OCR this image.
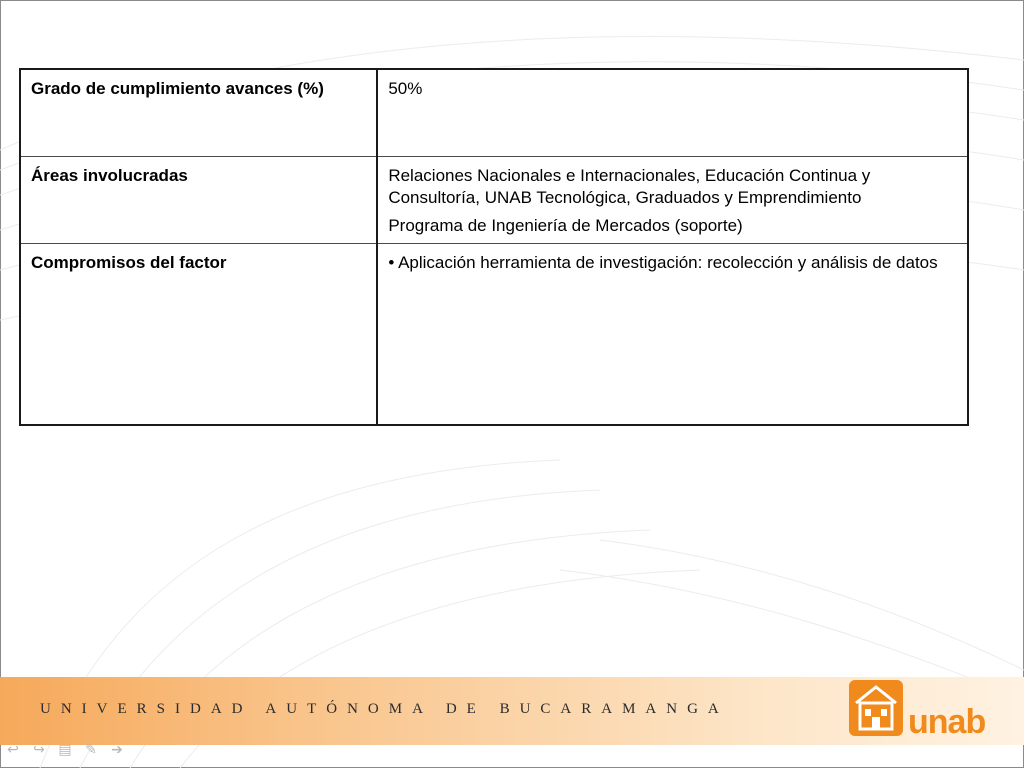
Grado de cumplimiento avances (%)	50%

Áreas involucradas	Relaciones Nacionales e Internacionales, Educación Continua y Consultoría, UNAB Tecnológica, Graduados y Emprendimiento
Programa de Ingeniería de Mercados (soporte)

Compromisos del factor	• Aplicación herramienta de investigación: recolección y análisis de datos
UNIVERSIDAD AUTÓNOMA DE BUCARAMANGA	unab
↩ ↪ ▤ ✎ ➔
